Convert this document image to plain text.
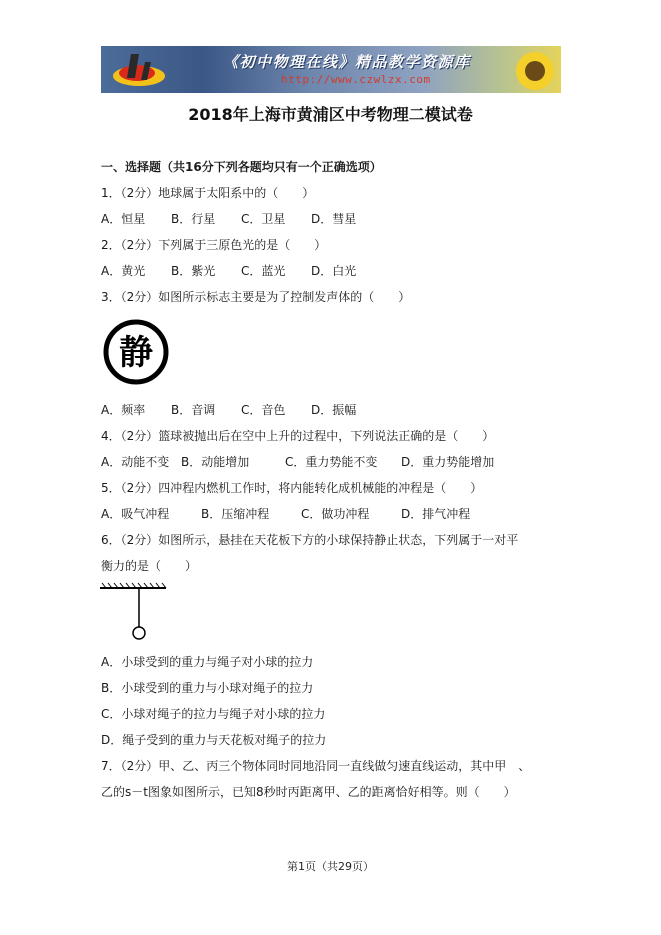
《初中物理在线》精品教学资源库
http://www.czwlzx.com
2018年上海市黄浦区中考物理二模试卷
一、选择题（共16分下列各题均只有一个正确选项）
1．（2分）地球属于太阳系中的（　　）
A．恒星 B．行星 C．卫星 D．彗星
2．（2分）下列属于三原色光的是（　　）
A．黄光 B．紫光 C．蓝光 D．白光
3．（2分）如图所示标志主要是为了控制发声体的（　　）
静
A．频率 B．音调 C．音色 D．振幅
4．（2分）篮球被抛出后在空中上升的过程中，下列说法正确的是（　　）
A．动能不变 B．动能增加	C．重力势能不变 D．重力势能增加
5．（2分）四冲程内燃机工作时，将内能转化成机械能的冲程是（　　）
A．吸气冲程	B．压缩冲程	C．做功冲程	D．排气冲程
6．（2分）如图所示，悬挂在天花板下方的小球保持静止状态，下列属于一对平
衡力的是（　　）
A．小球受到的重力与绳子对小球的拉力
B．小球受到的重力与小球对绳子的拉力
C．小球对绳子的拉力与绳子对小球的拉力
D．绳子受到的重力与天花板对绳子的拉力
7．（2分）甲、乙、丙三个物体同时同地沿同一直线做匀速直线运动，其中甲　、
乙的s－t图象如图所示，已知8秒时丙距离甲、乙的距离恰好相等。则（　　）
第1页（共29页）
